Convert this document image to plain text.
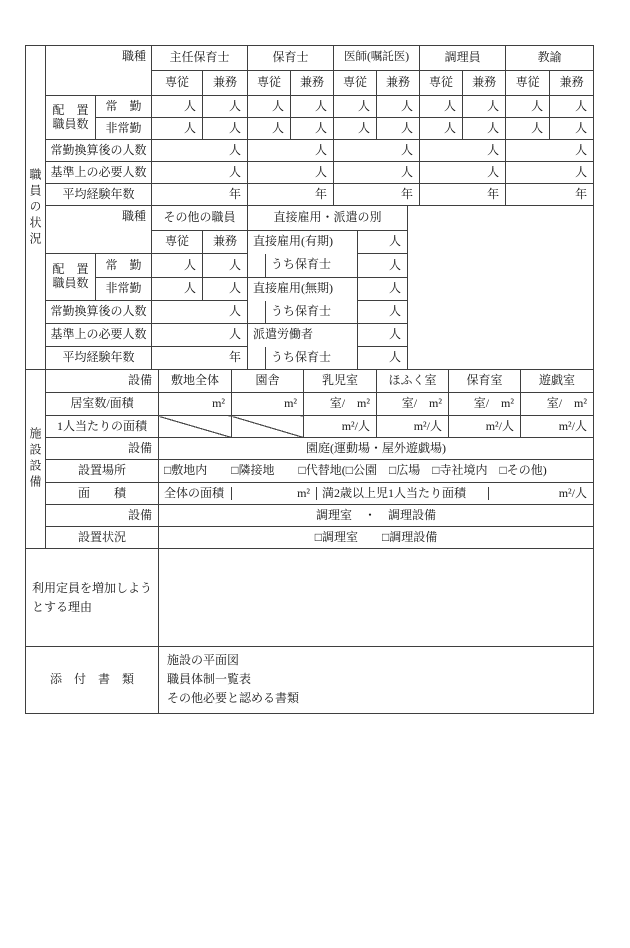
職員の状況
施設設備
職種		主任保育士		保育士		医師(嘱託医)		調理員		教諭	
		専従	兼務	専従	兼務	専従	兼務	専従	兼務	専従	兼務

配　置
職員数	常　勤	人	人	人	人	人	人	人	人	人	人
	非常勤	人	人	人	人	人	人	人	人	人	人
常勤換算後の人数		人		人		人		人		人	
基準上の必要人数		人		人		人		人		人	
平均経験年数		年		年		年		年		年	
職種		その他の職員		直接雇用・派遣の別			
		専従	兼務	直接雇用(有期)		人	

配　置
職員数	常　勤	人	人		うち保育士	人	
	非常勤	人	人	直接雇用(無期)		人	
常勤換算後の人数		人			うち保育士	人	
基準上の必要人数		人		派遣労働者		人	
平均経験年数		年			うち保育士	人	
設備	敷地全体	園舎	乳児室	ほふく室	保育室	遊戯室
居室数/面積	m²	m²	室/　m²	室/　m²	室/　m²	室/　m²
1人当たりの面積			m²/人	m²/人	m²/人	m²/人
設備	園庭(運動場・屋外遊戯場)					
設置場所	□敷地内　　□隣接地　　□代替地(□公園　□広場　□寺社境内　□その他)					
面　　積	全体の面積 m² 満2歳以上児1人当たり面積 m²/人					

設備	調理室　・　調理設備					
設置状況	□調理室　　□調理設備					
利用定員を増加しようとする理由	
添　付　書　類	施設の平面図
職員体制一覧表
その他必要と認める書類
